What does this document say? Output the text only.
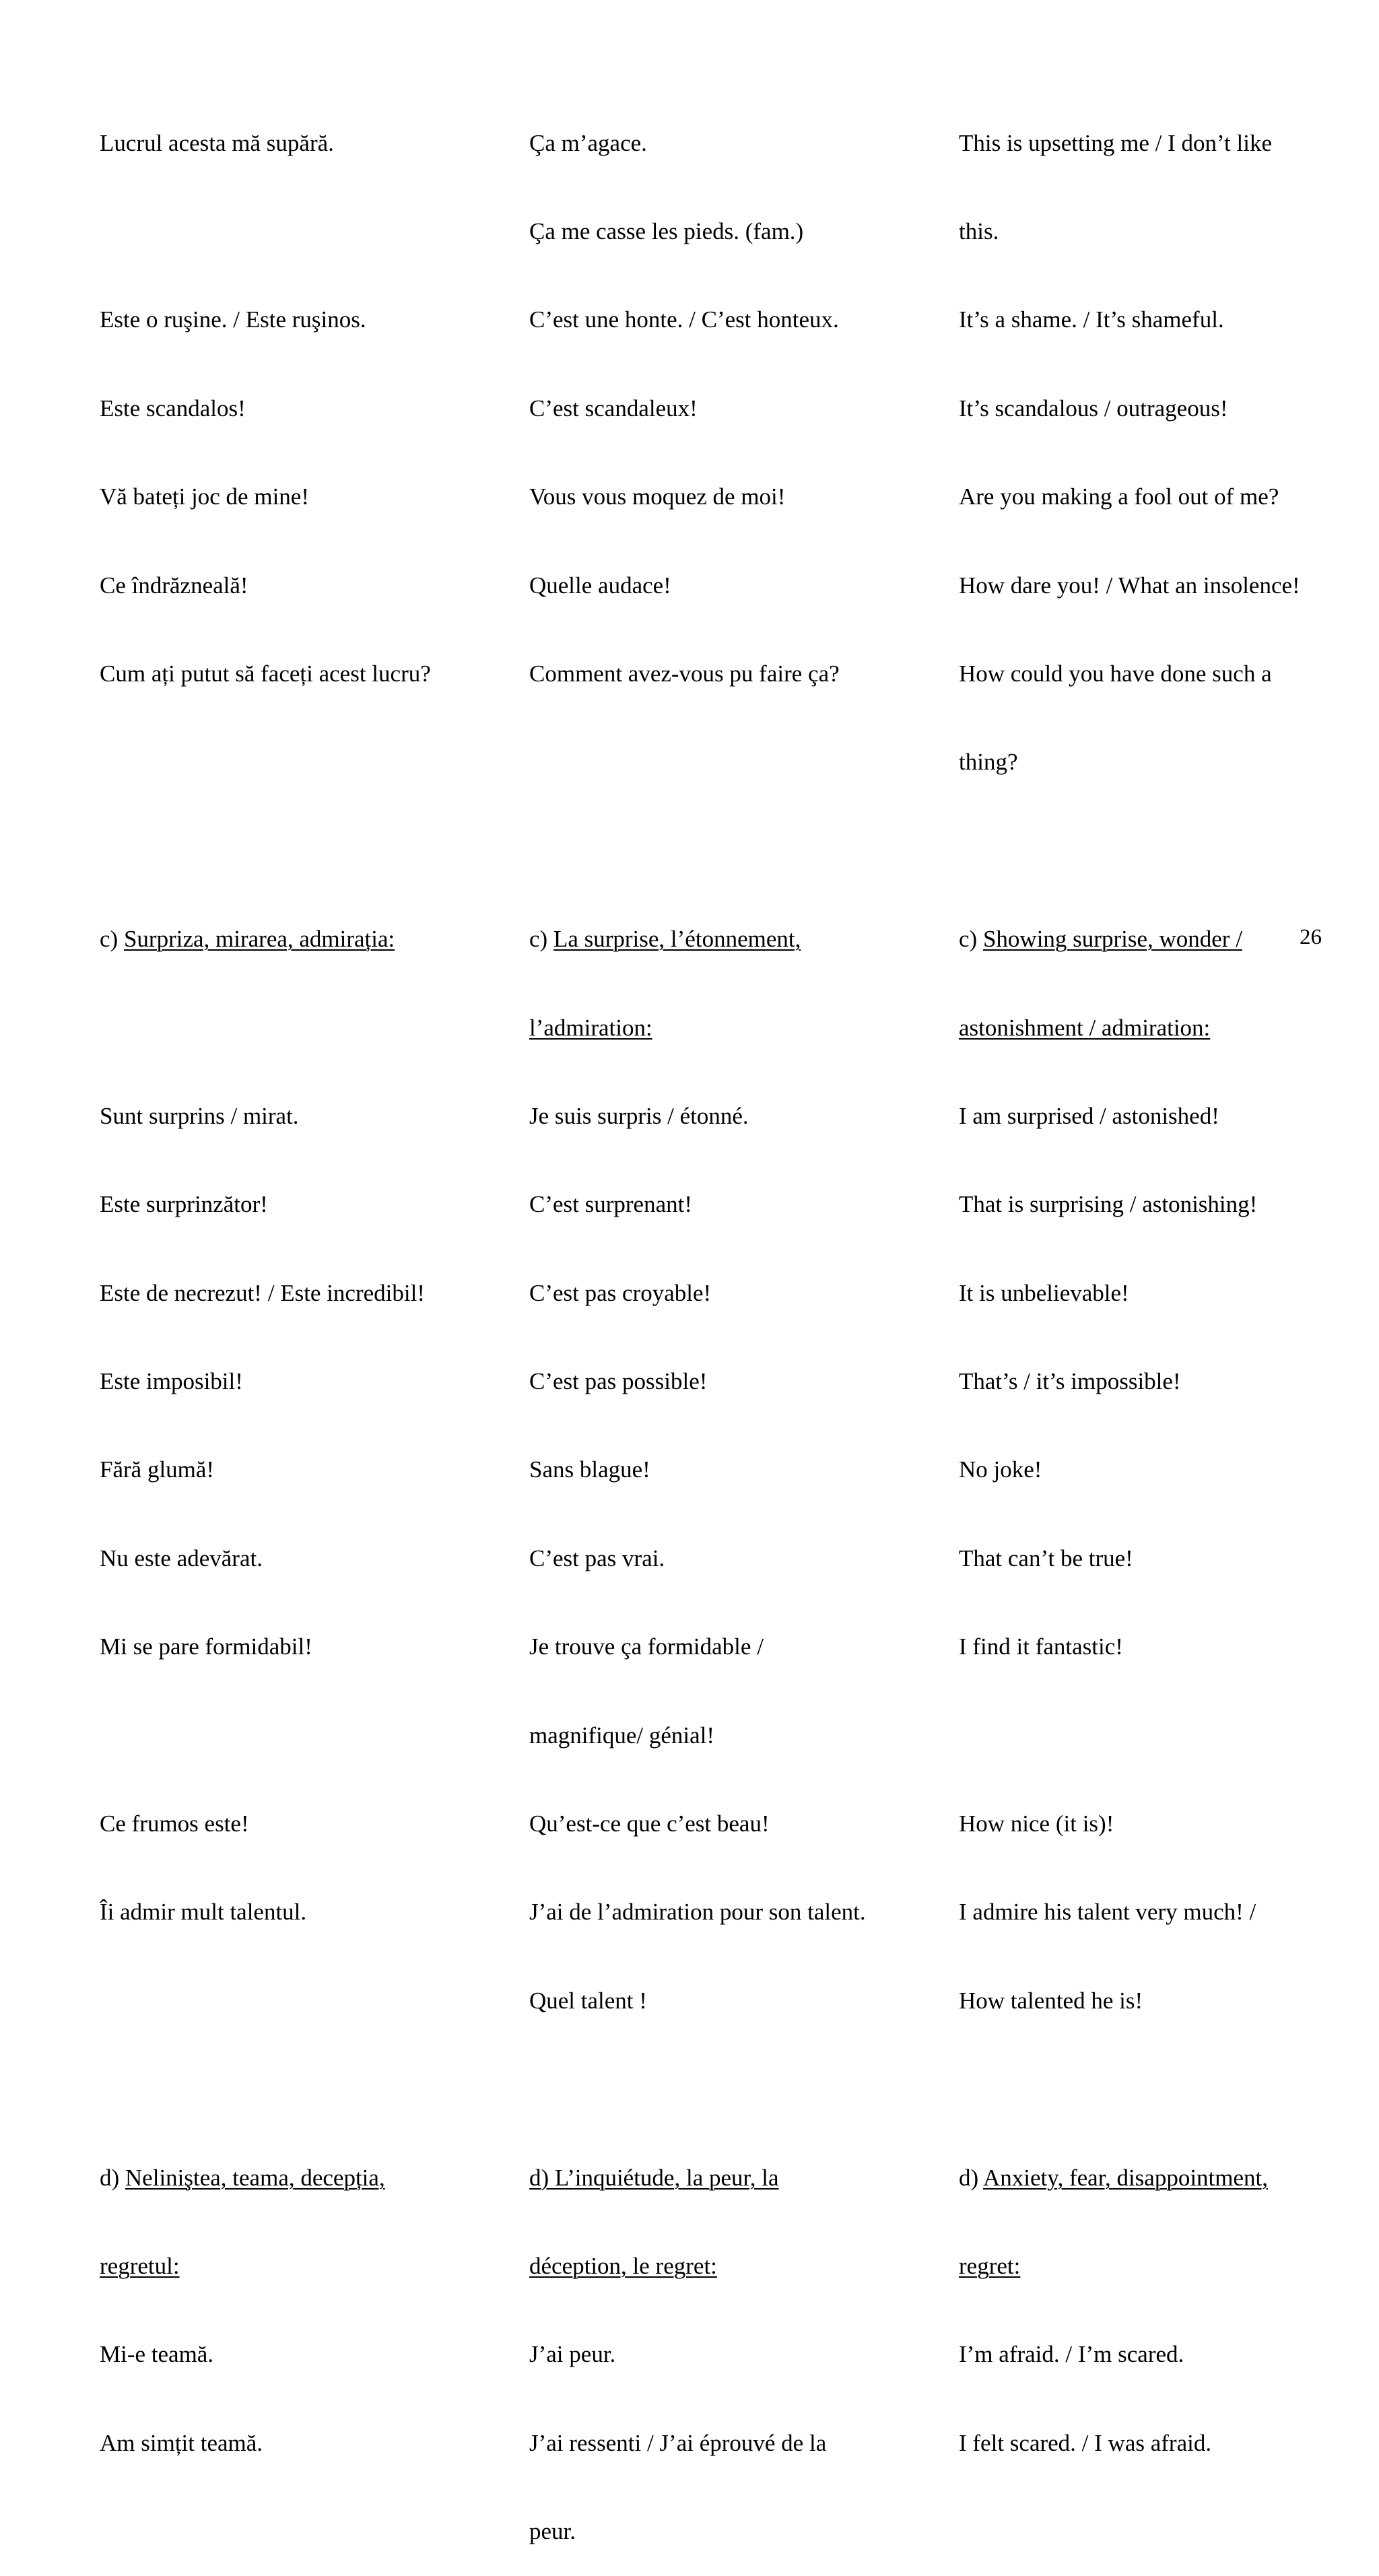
Lucrul acesta mă supără.

Este o ruşine. / Este ruşinos.

Este scandalos!

Vă bateți joc de mine!

Ce îndrăzneală!

Cum ați putut să faceți acest lucru?

c) Surpriza, mirarea, admirația:

Sunt surprins / mirat.

Este surprinzător!

Este de necrezut! / Este incredibil!

Este imposibil!

Fără glumă!

Nu este adevărat.

Mi se pare formidabil!

Ce frumos este!

Îi admir mult talentul.

d) Neliniştea, teama, decepția,

regretul:

Mi-e teamă.

Am simțit teamă.

Ça m’agace.

Ça me casse les pieds. (fam.)

C’est une honte. / C’est honteux.

C’est scandaleux!

Vous vous moquez de moi!

Quelle audace!

Comment avez-vous pu faire ça?

c) La surprise, l’étonnement,

l’admiration:

Je suis surpris / étonné.

C’est surprenant!

C’est pas croyable!

C’est pas possible!

Sans blague!

C’est pas vrai.

Je trouve ça formidable /

magnifique/ génial!

Qu’est-ce que c’est beau!

J’ai de l’admiration pour son talent.

Quel talent !

d) L’inquiétude, la peur, la

déception, le regret:

J’ai peur.

J’ai ressenti / J’ai éprouvé de la

peur.

This is upsetting me / I don’t like

this.

It’s a shame. / It’s shameful.

It’s scandalous / outrageous!

Are you making a fool out of me?

How dare you! / What an insolence!

How could you have done such a

thing?

c) Showing surprise, wonder /

astonishment / admiration:

I am surprised / astonished!

That is surprising / astonishing!

It is unbelievable!

That’s / it’s impossible!

No joke!

That can’t be true!

I find it fantastic!

How nice (it is)!

I admire his talent very much! /

How talented he is!

d) Anxiety, fear, disappointment,

regret:

I’m afraid. / I’m scared.

I felt scared. / I was afraid.

26
